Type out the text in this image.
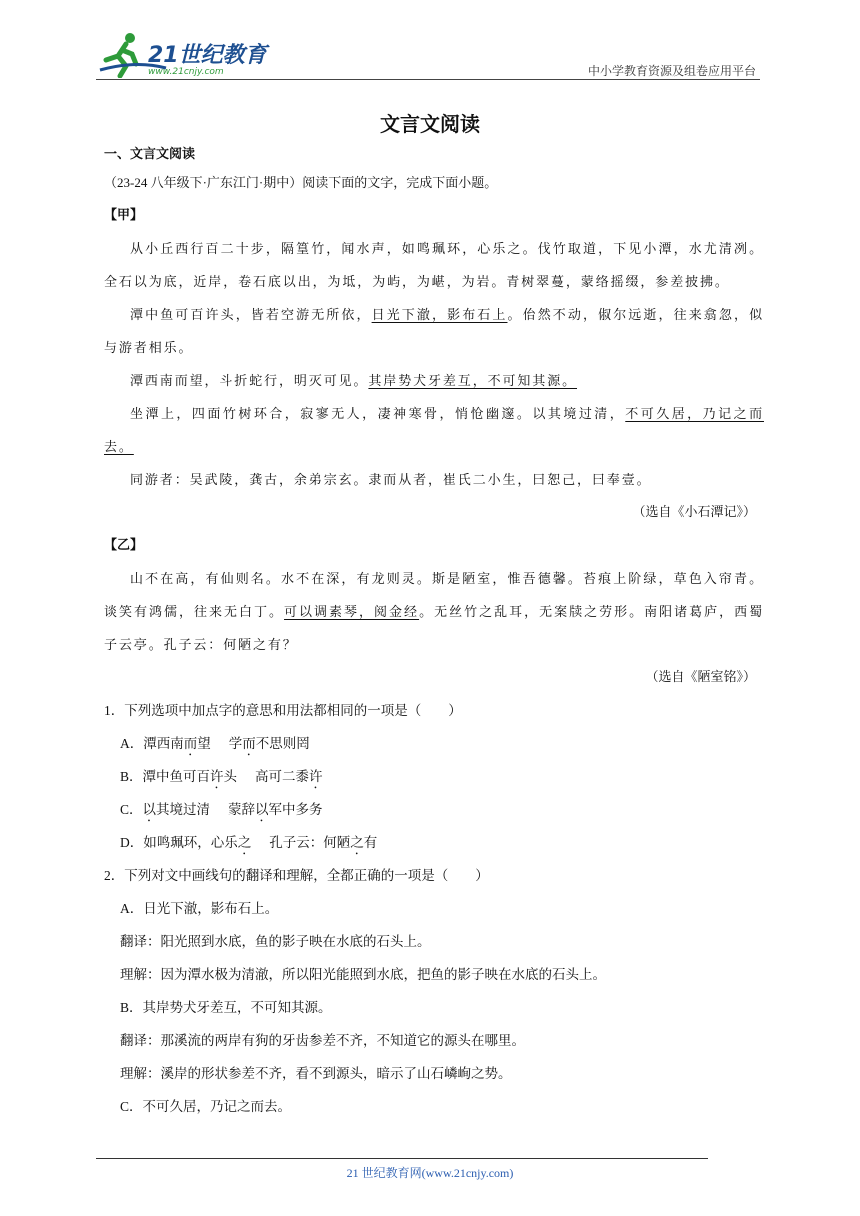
21世纪教育
www.21cnjy.com	中小学教育资源及组卷应用平台
文言文阅读
一、文言文阅读
（23-24 八年级下·广东江门·期中）阅读下面的文字，完成下面小题。
【甲】

从小丘西行百二十步，隔篁竹，闻水声，如鸣珮环，心乐之。伐竹取道，下见小潭，水尤清冽。全石以为底，近岸，卷石底以出，为坻，为屿，为嵁，为岩。青树翠蔓，蒙络摇缀，参差披拂。

潭中鱼可百许头，皆若空游无所依，日光下澈，影布石上。佁然不动，俶尔远逝，往来翕忽，似与游者相乐。

潭西南而望，斗折蛇行，明灭可见。其岸势犬牙差互，不可知其源。

坐潭上，四面竹树环合，寂寥无人，凄神寒骨，悄怆幽邃。以其境过清，不可久居，乃记之而去。

同游者：吴武陵，龚古，余弟宗玄。隶而从者，崔氏二小生，曰恕己，曰奉壹。

（选自《小石潭记》）
【乙】

山不在高，有仙则名。水不在深，有龙则灵。斯是陋室，惟吾德馨。苔痕上阶绿，草色入帘青。谈笑有鸿儒，往来无白丁。可以调素琴，阅金经。无丝竹之乱耳，无案牍之劳形。南阳诸葛庐，西蜀子云亭。孔子云：何陋之有？

（选自《陋室铭》）
1．下列选项中加点字的意思和用法都相同的一项是（　　）
A．潭西南而望 学而不思则罔
B．潭中鱼可百许头 高可二黍许
C．以其境过清 蒙辞以军中多务
D．如鸣珮环，心乐之 孔子云：何陋之有
2．下列对文中画线句的翻译和理解，全都正确的一项是（　　）
A．日光下澈，影布石上。
翻译：阳光照到水底，鱼的影子映在水底的石头上。
理解：因为潭水极为清澈，所以阳光能照到水底，把鱼的影子映在水底的石头上。
B．其岸势犬牙差互，不可知其源。
翻译：那溪流的两岸有狗的牙齿参差不齐，不知道它的源头在哪里。
理解：溪岸的形状参差不齐，看不到源头，暗示了山石嶙峋之势。
C．不可久居，乃记之而去。
21 世纪教育网(www.21cnjy.com)
